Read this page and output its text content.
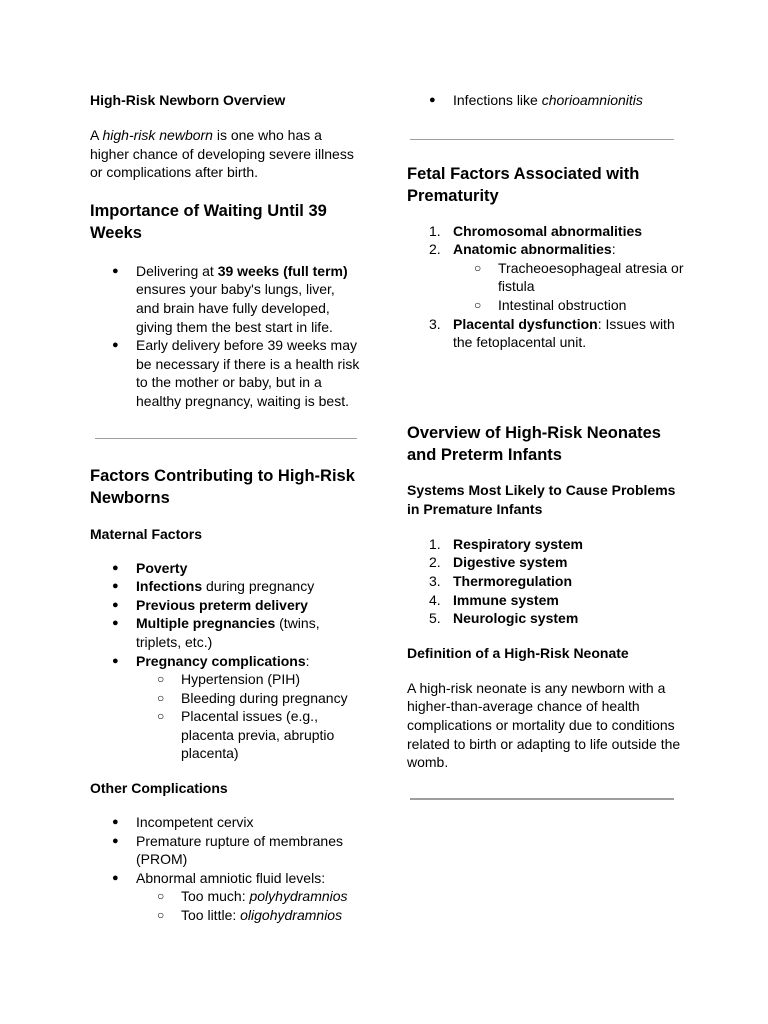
High-Risk Newborn Overview

A high-risk newborn is one who has a higher chance of developing severe illness or complications after birth.

Importance of Waiting Until 39 Weeks
● Delivering at 39 weeks (full term) ensures your baby's lungs, liver, and brain have fully developed, giving them the best start in life.
● Early delivery before 39 weeks may be necessary if there is a health risk to the mother or baby, but in a healthy pregnancy, waiting is best.
Factors Contributing to High-Risk Newborns

Maternal Factors

● Poverty
● Infections during pregnancy
● Previous preterm delivery
● Multiple pregnancies (twins, triplets, etc.)
● Pregnancy complications:
○ Hypertension (PIH)
○ Bleeding during pregnancy
○ Placental issues (e.g., placenta previa, abruptio placenta)

Other Complications

● Incompetent cervix
● Premature rupture of membranes (PROM)
● Abnormal amniotic fluid levels:
○ Too much: polyhydramnios
○ Too little: oligohydramnios
● Infections like chorioamnionitis
Fetal Factors Associated with Prematurity
1. Chromosomal abnormalities
2. Anatomic abnormalities:
○ Tracheoesophageal atresia or fistula
○ Intestinal obstruction
3. Placental dysfunction: Issues with the fetoplacental unit.
Overview of High-Risk Neonates and Preterm Infants

Systems Most Likely to Cause Problems in Premature Infants

1. Respiratory system
2. Digestive system
3. Thermoregulation
4. Immune system
5. Neurologic system

Definition of a High-Risk Neonate

A high-risk neonate is any newborn with a higher-than-average chance of health complications or mortality due to conditions related to birth or adapting to life outside the womb.
